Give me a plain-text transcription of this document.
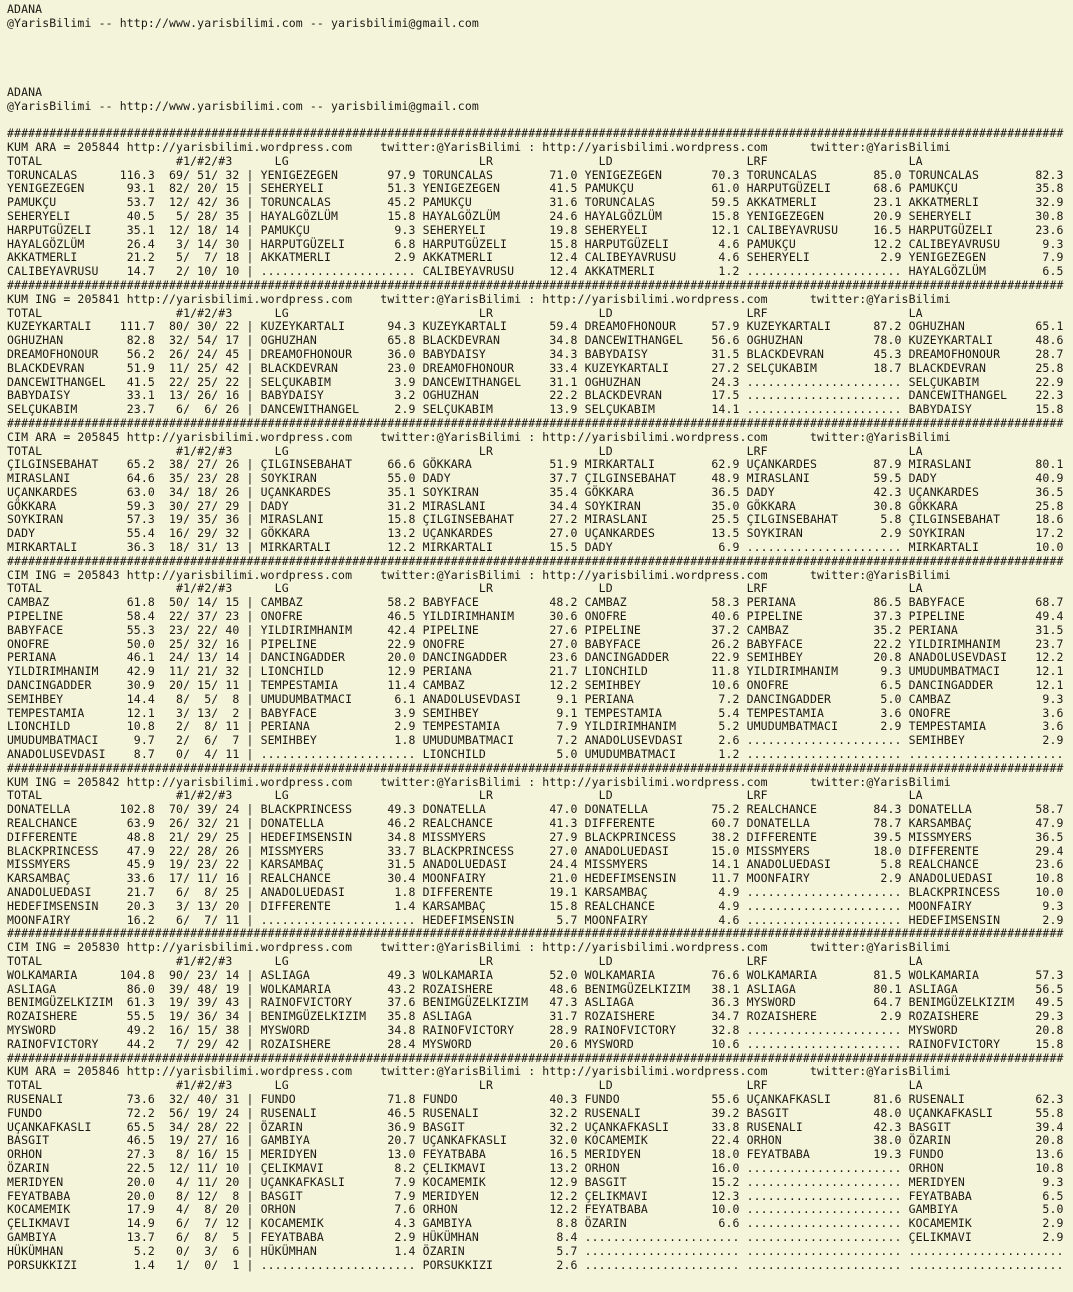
ADANA
@YarisBilimi -- http://www.yarisbilimi.com -- yarisbilimi@gmail.com

ADANA
@YarisBilimi -- http://www.yarisbilimi.com -- yarisbilimi@gmail.com

######################################################################################################################################################
KUM ARA = 205844 http://yarisbilimi.wordpress.com    twitter:@YarisBilimi : http://yarisbilimi.wordpress.com      twitter:@YarisBilimi
TOTAL                   #1/#2/#3      LG                           LR               LD                   LRF                    LA
TORUNCALAS      116.3  69/ 51/ 32 | YENIGEZEGEN       97.9 TORUNCALAS        71.0 YENIGEZEGEN       70.3 TORUNCALAS        85.0 TORUNCALAS        82.3
YENIGEZEGEN      93.1  82/ 20/ 15 | SEHERYELI         51.3 YENIGEZEGEN       41.5 PAMUKÇU           61.0 HARPUTGÜZELI      68.6 PAMUKÇU           35.8
PAMUKÇU          53.7  12/ 42/ 36 | TORUNCALAS        45.2 PAMUKÇU           31.6 TORUNCALAS        59.5 AKKATMERLI        23.1 AKKATMERLI        32.9
SEHERYELI        40.5   5/ 28/ 35 | HAYALGÖZLÜM       15.8 HAYALGÖZLÜM       24.6 HAYALGÖZLÜM       15.8 YENIGEZEGEN       20.9 SEHERYELI         30.8
HARPUTGÜZELI     35.1  12/ 18/ 14 | PAMUKÇU            9.3 SEHERYELI         19.8 SEHERYELI         12.1 CALIBEYAVRUSU     16.5 HARPUTGÜZELI      23.6
HAYALGÖZLÜM      26.4   3/ 14/ 30 | HARPUTGÜZELI       6.8 HARPUTGÜZELI      15.8 HARPUTGÜZELI       4.6 PAMUKÇU           12.2 CALIBEYAVRUSU      9.3
AKKATMERLI       21.2   5/  7/ 18 | AKKATMERLI         2.9 AKKATMERLI        12.4 CALIBEYAVRUSU      4.6 SEHERYELI          2.9 YENIGEZEGEN        7.9
CALIBEYAVRUSU    14.7   2/ 10/ 10 | ...................... CALIBEYAVRUSU     12.4 AKKATMERLI         1.2 ...................... HAYALGÖZLÜM        6.5
######################################################################################################################################################
KUM ING = 205841 http://yarisbilimi.wordpress.com    twitter:@YarisBilimi : http://yarisbilimi.wordpress.com      twitter:@YarisBilimi
TOTAL                   #1/#2/#3      LG                           LR               LD                   LRF                    LA
KUZEYKARTALI    111.7  80/ 30/ 22 | KUZEYKARTALI      94.3 KUZEYKARTALI      59.4 DREAMOFHONOUR     57.9 KUZEYKARTALI      87.2 OGHUZHAN          65.1
OGHUZHAN         82.8  32/ 54/ 17 | OGHUZHAN          65.8 BLACKDEVRAN       34.8 DANCEWITHANGEL    56.6 OGHUZHAN          78.0 KUZEYKARTALI      48.6
DREAMOFHONOUR    56.2  26/ 24/ 45 | DREAMOFHONOUR     36.0 BABYDAISY         34.3 BABYDAISY         31.5 BLACKDEVRAN       45.3 DREAMOFHONOUR     28.7
BLACKDEVRAN      51.9  11/ 25/ 42 | BLACKDEVRAN       23.0 DREAMOFHONOUR     33.4 KUZEYKARTALI      27.2 SELÇUKABIM        18.7 BLACKDEVRAN       25.8
DANCEWITHANGEL   41.5  22/ 25/ 22 | SELÇUKABIM         3.9 DANCEWITHANGEL    31.1 OGHUZHAN          24.3 ...................... SELÇUKABIM        22.9
BABYDAISY        33.1  13/ 26/ 16 | BABYDAISY          3.2 OGHUZHAN          22.2 BLACKDEVRAN       17.5 ...................... DANCEWITHANGEL    22.3
SELÇUKABIM       23.7   6/  6/ 26 | DANCEWITHANGEL     2.9 SELÇUKABIM        13.9 SELÇUKABIM        14.1 ...................... BABYDAISY         15.8
######################################################################################################################################################
CIM ARA = 205845 http://yarisbilimi.wordpress.com    twitter:@YarisBilimi : http://yarisbilimi.wordpress.com      twitter:@YarisBilimi
TOTAL                   #1/#2/#3      LG                           LR               LD                   LRF                    LA
ÇILGINSEBAHAT    65.2  38/ 27/ 26 | ÇILGINSEBAHAT     66.6 GÖKKARA           51.9 MIRKARTALI        62.9 UÇANKARDES        87.9 MIRASLANI         80.1
MIRASLANI        64.6  35/ 23/ 28 | SOYKIRAN          55.0 DADY              37.7 ÇILGINSEBAHAT     48.9 MIRASLANI         59.5 DADY              40.9
UÇANKARDES       63.0  34/ 18/ 26 | UÇANKARDES        35.1 SOYKIRAN          35.4 GÖKKARA           36.5 DADY              42.3 UÇANKARDES        36.5
GÖKKARA          59.3  30/ 27/ 29 | DADY              31.2 MIRASLANI         34.4 SOYKIRAN          35.0 GÖKKARA           30.8 GÖKKARA           25.8
SOYKIRAN         57.3  19/ 35/ 36 | MIRASLANI         15.8 ÇILGINSEBAHAT     27.2 MIRASLANI         25.5 ÇILGINSEBAHAT      5.8 ÇILGINSEBAHAT     18.6
DADY             55.4  16/ 29/ 32 | GÖKKARA           13.2 UÇANKARDES        27.0 UÇANKARDES        13.5 SOYKIRAN           2.9 SOYKIRAN          17.2
MIRKARTALI       36.3  18/ 31/ 13 | MIRKARTALI        12.2 MIRKARTALI        15.5 DADY               6.9 ...................... MIRKARTALI        10.0
######################################################################################################################################################
CIM ING = 205843 http://yarisbilimi.wordpress.com    twitter:@YarisBilimi : http://yarisbilimi.wordpress.com      twitter:@YarisBilimi
TOTAL                   #1/#2/#3      LG                           LR               LD                   LRF                    LA
CAMBAZ           61.8  50/ 14/ 15 | CAMBAZ            58.2 BABYFACE          48.2 CAMBAZ            58.3 PERIANA           86.5 BABYFACE          68.7
PIPELINE         58.4  22/ 37/ 23 | ONOFRE            46.5 YILDIRIMHANIM     30.6 ONOFRE            40.6 PIPELINE          37.3 PIPELINE          49.4
BABYFACE         55.3  23/ 22/ 40 | YILDIRIMHANIM     42.4 PIPELINE          27.6 PIPELINE          37.2 CAMBAZ            35.2 PERIANA           31.5
ONOFRE           50.0  25/ 32/ 16 | PIPELINE          22.9 ONOFRE            27.0 BABYFACE          26.2 BABYFACE          22.2 YILDIRIMHANIM     23.7
PERIANA          46.1  24/ 13/ 14 | DANCINGADDER      20.0 DANCINGADDER      23.6 DANCINGADDER      22.9 SEMIHBEY          20.8 ANADOLUSEVDASI    12.2
YILDIRIMHANIM    42.9  11/ 21/ 32 | LIONCHILD         12.9 PERIANA           21.7 LIONCHILD         11.8 YILDIRIMHANIM      9.3 UMUDUMBATMACI     12.1
DANCINGADDER     30.9  20/ 15/ 11 | TEMPESTAMIA       11.4 CAMBAZ            12.2 SEMIHBEY          10.6 ONOFRE             6.5 DANCINGADDER      12.1
SEMIHBEY         14.4   8/  5/  8 | UMUDUMBATMACI      6.1 ANADOLUSEVDASI     9.1 PERIANA            7.2 DANCINGADDER       5.0 CAMBAZ             9.3
TEMPESTAMIA      12.1   3/ 13/  2 | BABYFACE           3.9 SEMIHBEY           9.1 TEMPESTAMIA        5.4 TEMPESTAMIA        3.6 ONOFRE             3.6
LIONCHILD        10.8   2/  8/ 11 | PERIANA            2.9 TEMPESTAMIA        7.9 YILDIRIMHANIM      5.2 UMUDUMBATMACI      2.9 TEMPESTAMIA        3.6
UMUDUMBATMACI     9.7   2/  6/  7 | SEMIHBEY           1.8 UMUDUMBATMACI      7.2 ANADOLUSEVDASI     2.6 ...................... SEMIHBEY           2.9
ANADOLUSEVDASI    8.7   0/  4/ 11 | ...................... LIONCHILD          5.0 UMUDUMBATMACI      1.2 ...................... ......................
######################################################################################################################################################
KUM ING = 205842 http://yarisbilimi.wordpress.com    twitter:@YarisBilimi : http://yarisbilimi.wordpress.com      twitter:@YarisBilimi
TOTAL                   #1/#2/#3      LG                           LR               LD                   LRF                    LA
DONATELLA       102.8  70/ 39/ 24 | BLACKPRINCESS     49.3 DONATELLA         47.0 DONATELLA         75.2 REALCHANCE        84.3 DONATELLA         58.7
REALCHANCE       63.9  26/ 32/ 21 | DONATELLA         46.2 REALCHANCE        41.3 DIFFERENTE        60.7 DONATELLA         78.7 KARSAMBAÇ         47.9
DIFFERENTE       48.8  21/ 29/ 25 | HEDEFIMSENSIN     34.8 MISSMYERS         27.9 BLACKPRINCESS     38.2 DIFFERENTE        39.5 MISSMYERS         36.5
BLACKPRINCESS    47.9  22/ 28/ 26 | MISSMYERS         33.7 BLACKPRINCESS     27.0 ANADOLUEDASI      15.0 MISSMYERS         18.0 DIFFERENTE        29.4
MISSMYERS        45.9  19/ 23/ 22 | KARSAMBAÇ         31.5 ANADOLUEDASI      24.4 MISSMYERS         14.1 ANADOLUEDASI       5.8 REALCHANCE        23.6
KARSAMBAÇ        33.6  17/ 11/ 16 | REALCHANCE        30.4 MOONFAIRY         21.0 HEDEFIMSENSIN     11.7 MOONFAIRY          2.9 ANADOLUEDASI      10.8
ANADOLUEDASI     21.7   6/  8/ 25 | ANADOLUEDASI       1.8 DIFFERENTE        19.1 KARSAMBAÇ          4.9 ...................... BLACKPRINCESS     10.0
HEDEFIMSENSIN    20.3   3/ 13/ 20 | DIFFERENTE         1.4 KARSAMBAÇ         15.8 REALCHANCE         4.9 ...................... MOONFAIRY          9.3
MOONFAIRY        16.2   6/  7/ 11 | ...................... HEDEFIMSENSIN      5.7 MOONFAIRY          4.6 ...................... HEDEFIMSENSIN      2.9
######################################################################################################################################################
CIM ING = 205830 http://yarisbilimi.wordpress.com    twitter:@YarisBilimi : http://yarisbilimi.wordpress.com      twitter:@YarisBilimi
TOTAL                   #1/#2/#3      LG                           LR               LD                   LRF                    LA
WOLKAMARIA      104.8  90/ 23/ 14 | ASLIAGA           49.3 WOLKAMARIA        52.0 WOLKAMARIA        76.6 WOLKAMARIA        81.5 WOLKAMARIA        57.3
ASLIAGA          86.0  39/ 48/ 19 | WOLKAMARIA        43.2 ROZAISHERE        48.6 BENIMGÜZELKIZIM   38.1 ASLIAGA           80.1 ASLIAGA           56.5
BENIMGÜZELKIZIM  61.3  19/ 39/ 43 | RAINOFVICTORY     37.6 BENIMGÜZELKIZIM   47.3 ASLIAGA           36.3 MYSWORD           64.7 BENIMGÜZELKIZIM   49.5
ROZAISHERE       55.5  19/ 36/ 34 | BENIMGÜZELKIZIM   35.8 ASLIAGA           31.7 ROZAISHERE        34.7 ROZAISHERE         2.9 ROZAISHERE        29.3
MYSWORD          49.2  16/ 15/ 38 | MYSWORD           34.8 RAINOFVICTORY     28.9 RAINOFVICTORY     32.8 ...................... MYSWORD           20.8
RAINOFVICTORY    44.2   7/ 29/ 42 | ROZAISHERE        28.4 MYSWORD           20.6 MYSWORD           10.6 ...................... RAINOFVICTORY     15.8
######################################################################################################################################################
KUM ARA = 205846 http://yarisbilimi.wordpress.com    twitter:@YarisBilimi : http://yarisbilimi.wordpress.com      twitter:@YarisBilimi
TOTAL                   #1/#2/#3      LG                           LR               LD                   LRF                    LA
RUSENALI         73.6  32/ 40/ 31 | FUNDO             71.8 FUNDO             40.3 FUNDO             55.6 UÇANKAFKASLI      81.6 RUSENALI          62.3
FUNDO            72.2  56/ 19/ 24 | RUSENALI          46.5 RUSENALI          32.2 RUSENALI          39.2 BASGIT            48.0 UÇANKAFKASLI      55.8
UÇANKAFKASLI     65.5  34/ 28/ 22 | ÖZARIN            36.9 BASGIT            32.2 UÇANKAFKASLI      33.8 RUSENALI          42.3 BASGIT            39.4
BASGIT           46.5  19/ 27/ 16 | GAMBIYA           20.7 UÇANKAFKASLI      32.0 KOCAMEMIK         22.4 ORHON             38.0 ÖZARIN            20.8
ORHON            27.3   8/ 16/ 15 | MERIDYEN          13.0 FEYATBABA         16.5 MERIDYEN          18.0 FEYATBABA         19.3 FUNDO             13.6
ÖZARIN           22.5  12/ 11/ 10 | ÇELIKMAVI          8.2 ÇELIKMAVI         13.2 ORHON             16.0 ...................... ORHON             10.8
MERIDYEN         20.0   4/ 11/ 20 | UÇANKAFKASLI       7.9 KOCAMEMIK         12.9 BASGIT            15.2 ...................... MERIDYEN           9.3
FEYATBABA        20.0   8/ 12/  8 | BASGIT             7.9 MERIDYEN          12.2 ÇELIKMAVI         12.3 ...................... FEYATBABA          6.5
KOCAMEMIK        17.9   4/  8/ 20 | ORHON              7.6 ORHON             12.2 FEYATBABA         10.0 ...................... GAMBIYA            5.0
ÇELIKMAVI        14.9   6/  7/ 12 | KOCAMEMIK          4.3 GAMBIYA            8.8 ÖZARIN             6.6 ...................... KOCAMEMIK          2.9
GAMBIYA          13.7   6/  8/  5 | FEYATBABA          2.9 HÜKÜMHAN           8.4 ...................... ...................... ÇELIKMAVI          2.9
HÜKÜMHAN          5.2   0/  3/  6 | HÜKÜMHAN           1.4 ÖZARIN             5.7 ...................... ...................... ......................
PORSUKKIZI        1.4   1/  0/  1 | ...................... PORSUKKIZI         2.6 ...................... ...................... ......................
